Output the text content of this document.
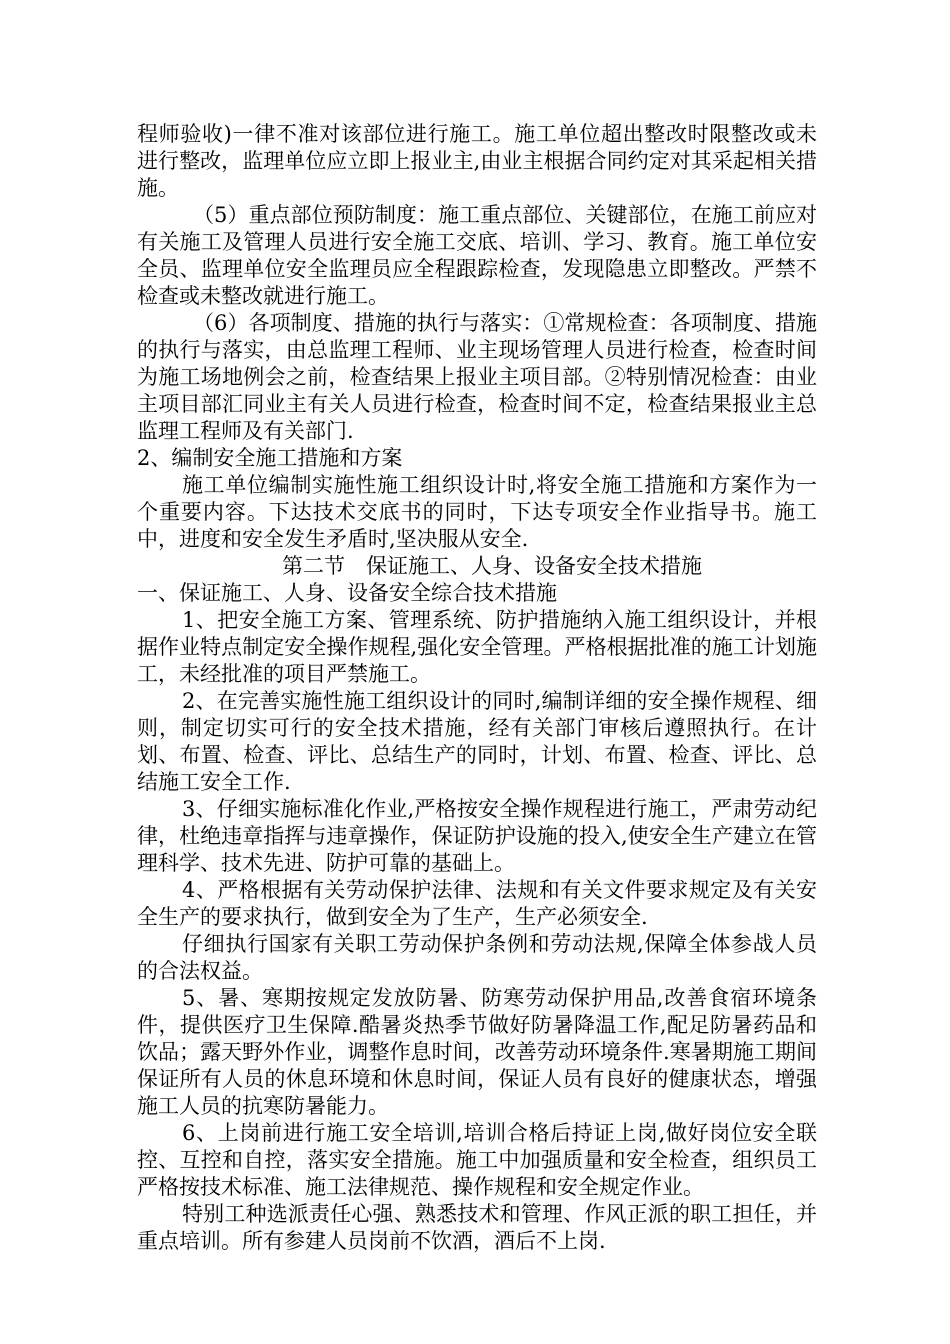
程师验收)一律不准对该部位进行施工。施工单位超出整改时限整改或未进行整改，监理单位应立即上报业主,由业主根据合同约定对其采起相关措施。

（5）重点部位预防制度：施工重点部位、关键部位，在施工前应对有关施工及管理人员进行安全施工交底、培训、学习、教育。施工单位安全员、监理单位安全监理员应全程跟踪检查，发现隐患立即整改。严禁不检查或未整改就进行施工。

（6）各项制度、措施的执行与落实：①常规检查：各项制度、措施的执行与落实，由总监理工程师、业主现场管理人员进行检查，检查时间为施工场地例会之前，检查结果上报业主项目部。②特别情况检查：由业主项目部汇同业主有关人员进行检查，检查时间不定，检查结果报业主总监理工程师及有关部门.

2、编制安全施工措施和方案

施工单位编制实施性施工组织设计时,将安全施工措施和方案作为一个重要内容。下达技术交底书的同时，下达专项安全作业指导书。施工中，进度和安全发生矛盾时,坚决服从安全.

第二节　保证施工、人身、设备安全技术措施

一、保证施工、人身、设备安全综合技术措施

1、把安全施工方案、管理系统、防护措施纳入施工组织设计，并根据作业特点制定安全操作规程,强化安全管理。严格根据批准的施工计划施工，未经批准的项目严禁施工。

2、在完善实施性施工组织设计的同时,编制详细的安全操作规程、细则，制定切实可行的安全技术措施，经有关部门审核后遵照执行。在计划、布置、检查、评比、总结生产的同时，计划、布置、检查、评比、总结施工安全工作.

3、仔细实施标准化作业,严格按安全操作规程进行施工，严肃劳动纪律，杜绝违章指挥与违章操作，保证防护设施的投入,使安全生产建立在管理科学、技术先进、防护可靠的基础上。

4、严格根据有关劳动保护法律、法规和有关文件要求规定及有关安全生产的要求执行，做到安全为了生产，生产必须安全.

仔细执行国家有关职工劳动保护条例和劳动法规,保障全体参战人员的合法权益。

5、暑、寒期按规定发放防暑、防寒劳动保护用品,改善食宿环境条件，提供医疗卫生保障.酷暑炎热季节做好防暑降温工作,配足防暑药品和饮品；露天野外作业，调整作息时间，改善劳动环境条件.寒暑期施工期间保证所有人员的休息环境和休息时间，保证人员有良好的健康状态，增强施工人员的抗寒防暑能力。

6、上岗前进行施工安全培训,培训合格后持证上岗,做好岗位安全联控、互控和自控，落实安全措施。施工中加强质量和安全检查，组织员工严格按技术标准、施工法律规范、操作规程和安全规定作业。

特别工种选派责任心强、熟悉技术和管理、作风正派的职工担任，并重点培训。所有参建人员岗前不饮酒，酒后不上岗.
